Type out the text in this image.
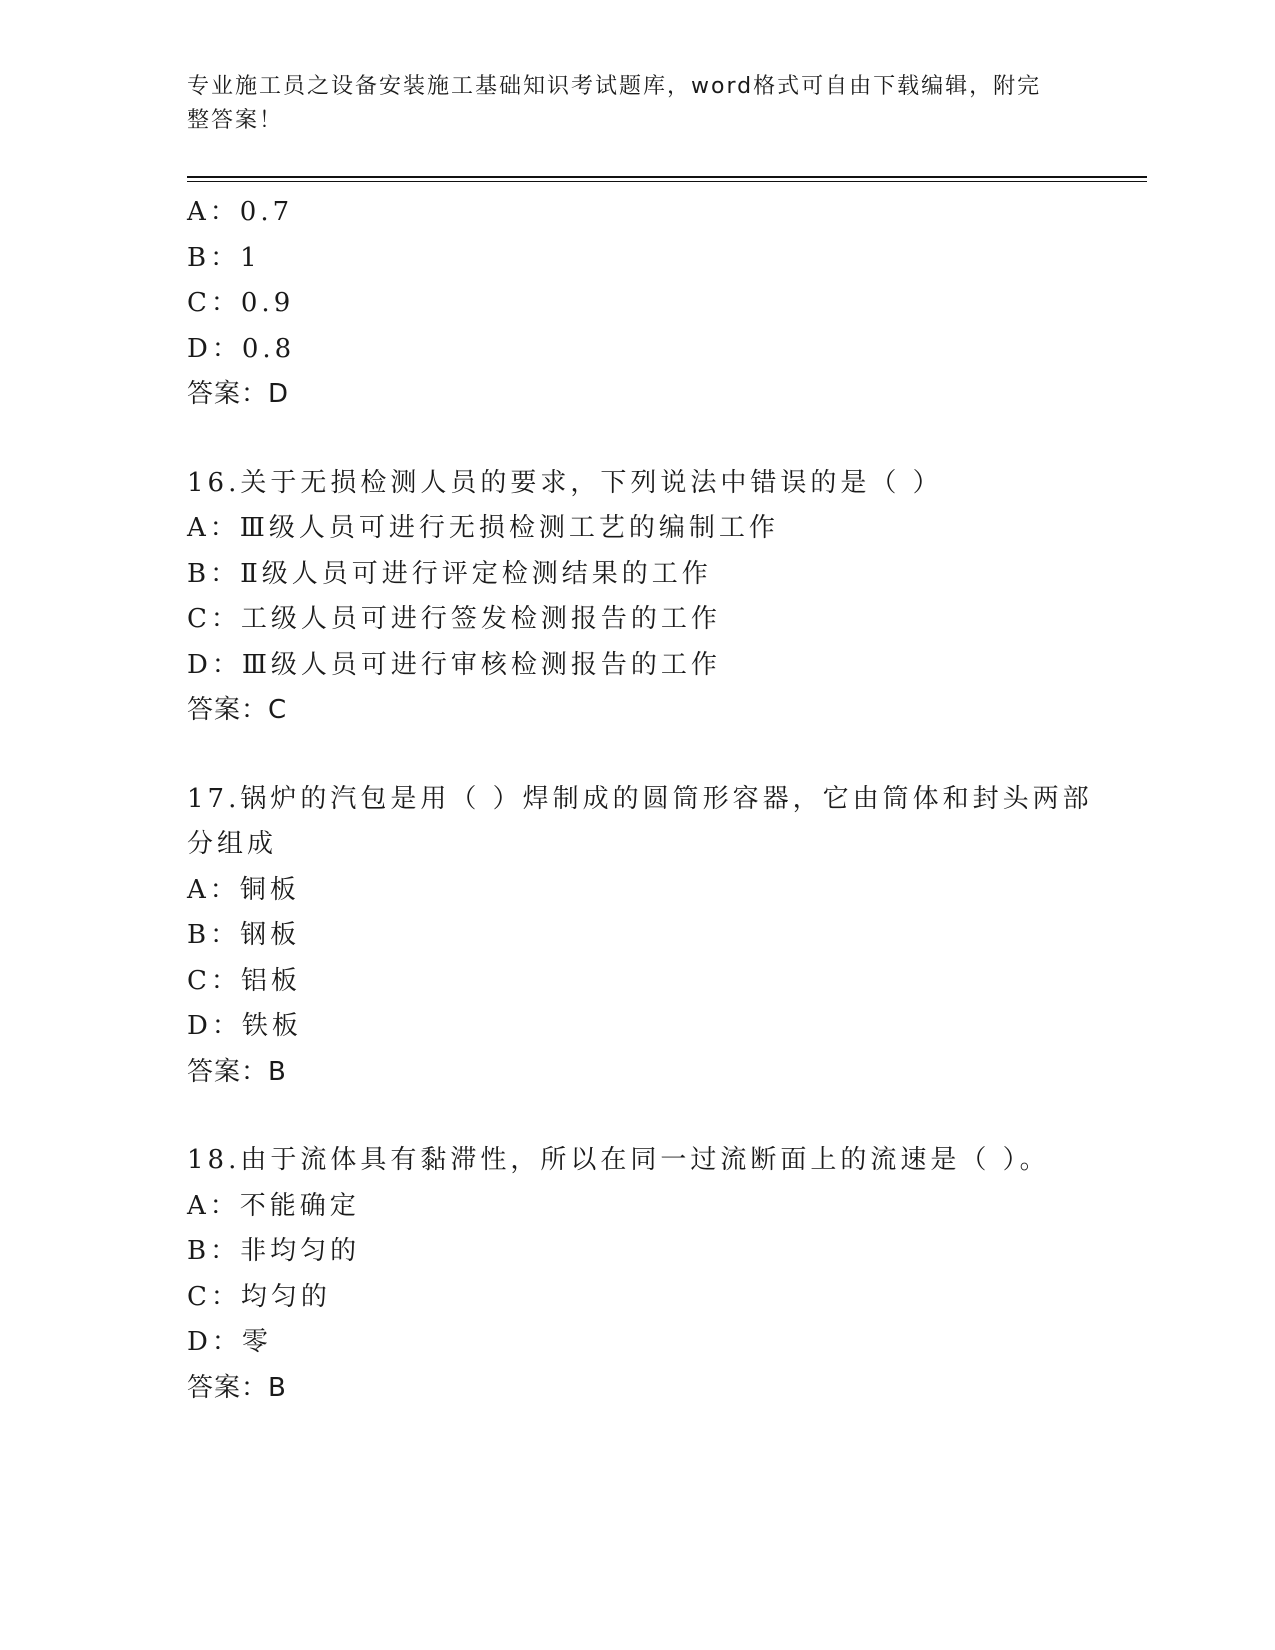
专业施工员之设备安装施工基础知识考试题库，word格式可自由下载编辑，附完
整答案！
A：0.7
B：1
C：0.9
D：0.8
答案：D
16.关于无损检测人员的要求，下列说法中错误的是（ ）
A：Ⅲ级人员可进行无损检测工艺的编制工作
B：Ⅱ级人员可进行评定检测结果的工作
C：工级人员可进行签发检测报告的工作
D：Ⅲ级人员可进行审核检测报告的工作
答案：C
17.锅炉的汽包是用（ ）焊制成的圆筒形容器，它由筒体和封头两部
分组成
A：铜板
B：钢板
C：铝板
D：铁板
答案：B
18.由于流体具有黏滞性，所以在同一过流断面上的流速是（ ）。
A：不能确定
B：非均匀的
C：均匀的
D：零
答案：B
